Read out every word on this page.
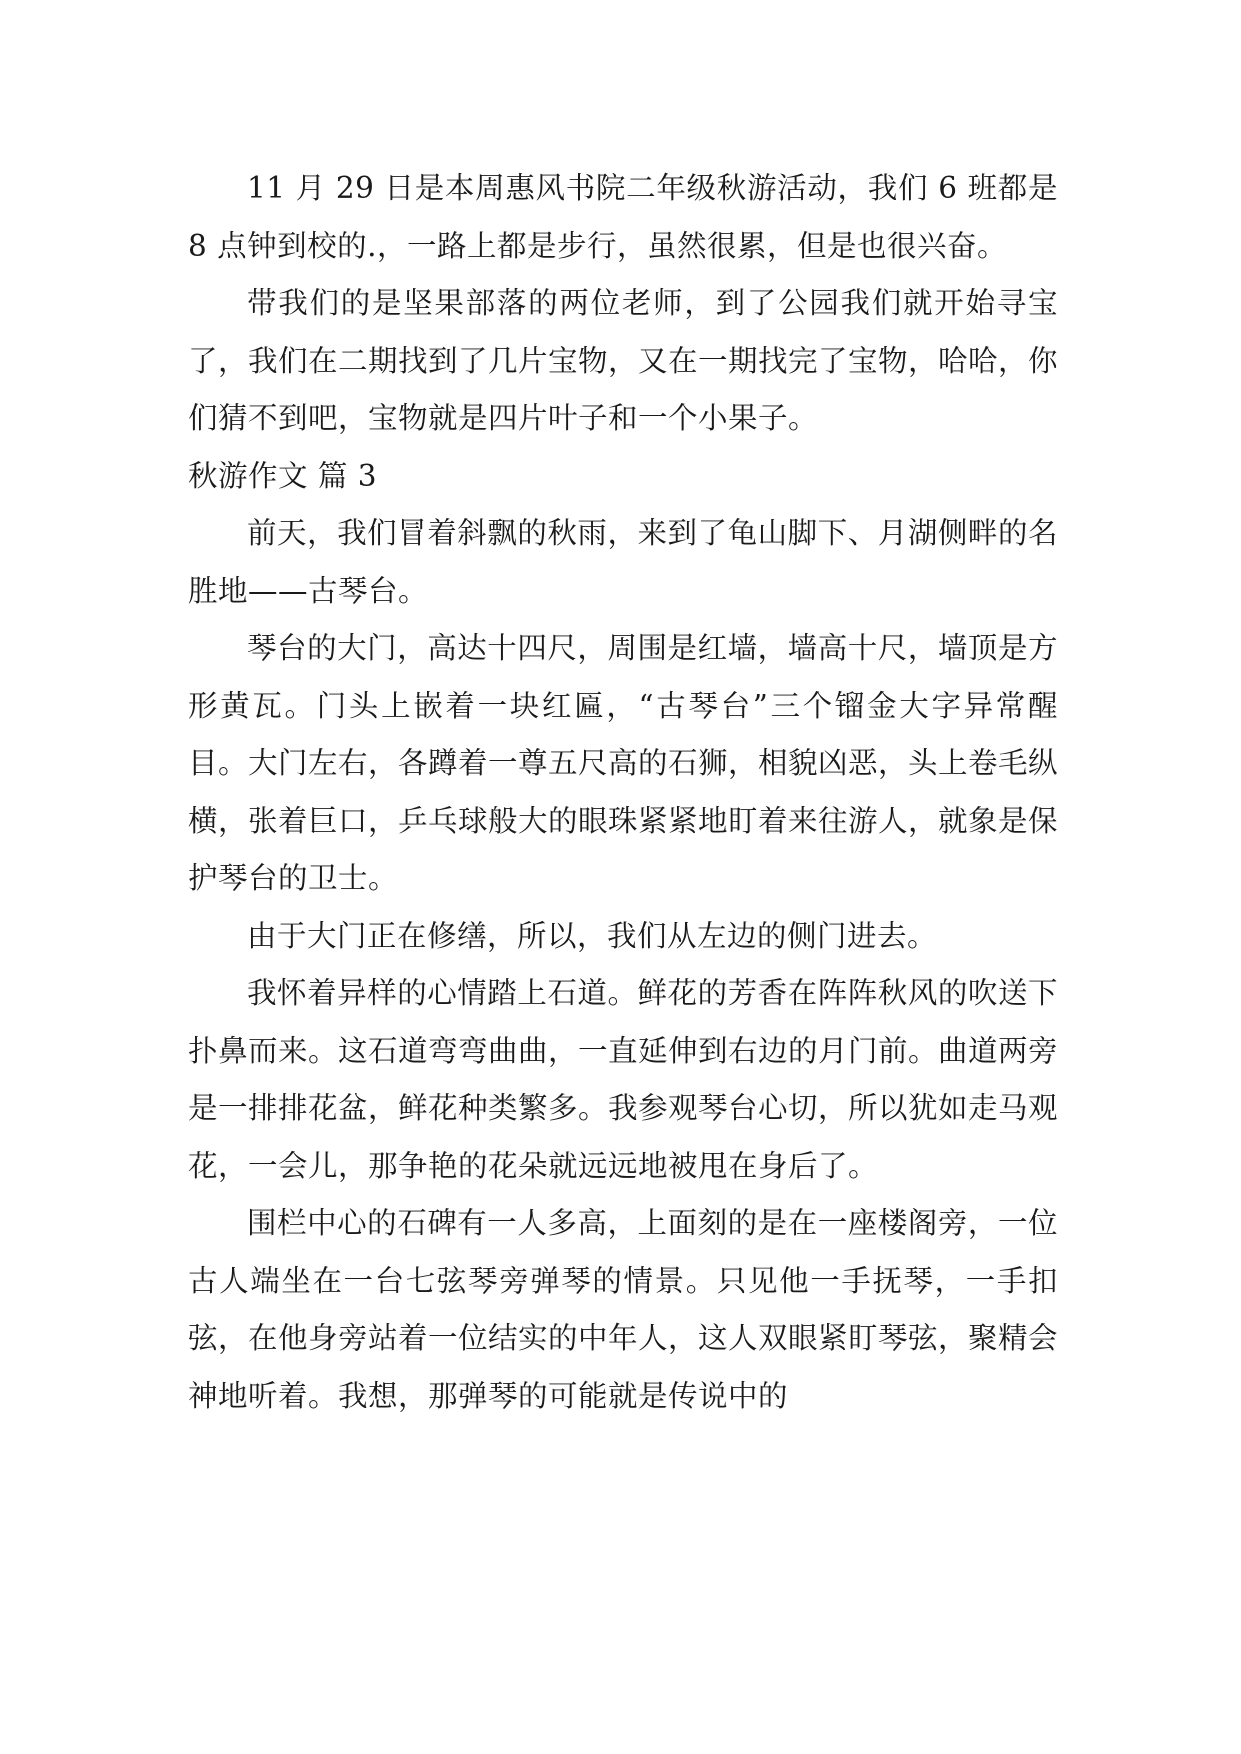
11 月 29 日是本周惠风书院二年级秋游活动，我们 6 班都是 8 点钟到校的.，一路上都是步行，虽然很累，但是也很兴奋。

带我们的是坚果部落的两位老师，到了公园我们就开始寻宝了，我们在二期找到了几片宝物，又在一期找完了宝物，哈哈，你们猜不到吧，宝物就是四片叶子和一个小果子。

秋游作文 篇 3

前天，我们冒着斜飘的秋雨，来到了龟山脚下、月湖侧畔的名胜地——古琴台。

琴台的大门，高达十四尺，周围是红墙，墙高十尺，墙顶是方形黄瓦。门头上嵌着一块红匾，“古琴台”三个镏金大字异常醒目。大门左右，各蹲着一尊五尺高的石狮，相貌凶恶，头上卷毛纵横，张着巨口，乒乓球般大的眼珠紧紧地盯着来往游人，就象是保护琴台的卫士。

由于大门正在修缮，所以，我们从左边的侧门进去。

我怀着异样的心情踏上石道。鲜花的芳香在阵阵秋风的吹送下扑鼻而来。这石道弯弯曲曲，一直延伸到右边的月门前。曲道两旁是一排排花盆，鲜花种类繁多。我参观琴台心切，所以犹如走马观花，一会儿，那争艳的花朵就远远地被甩在身后了。

围栏中心的石碑有一人多高，上面刻的是在一座楼阁旁，一位古人端坐在一台七弦琴旁弹琴的情景。只见他一手抚琴，一手扣弦，在他身旁站着一位结实的中年人，这人双眼紧盯琴弦，聚精会神地听着。我想，那弹琴的可能就是传说中的
